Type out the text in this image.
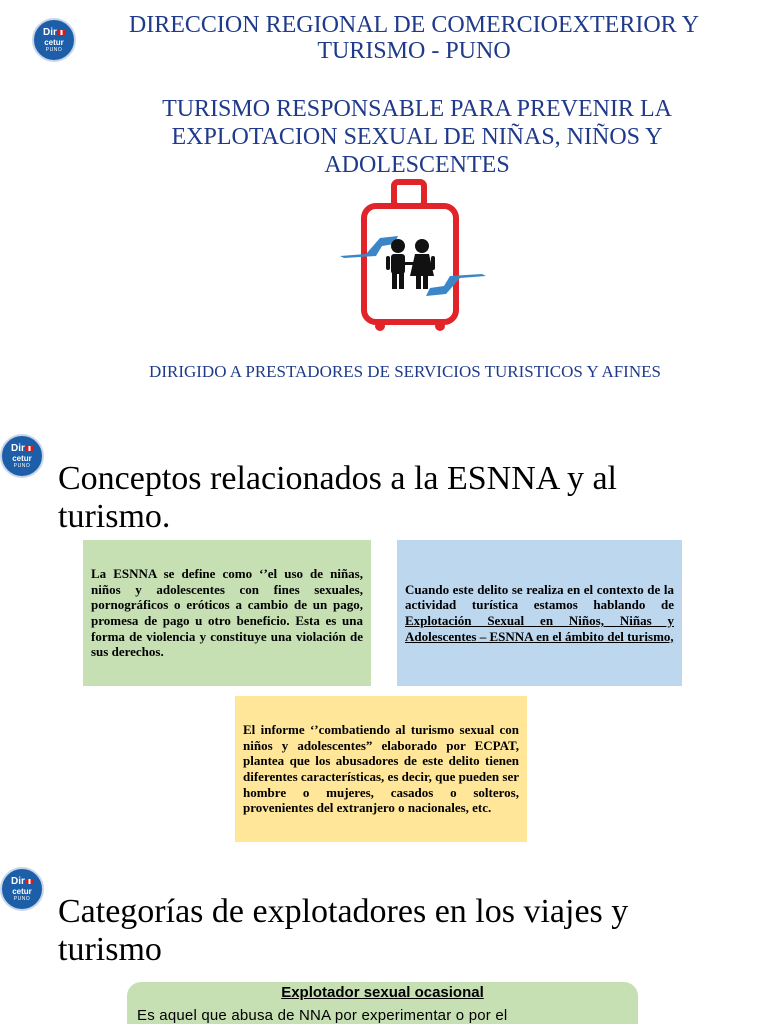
Dir
cetur
PUNO
DIRECCION REGIONAL DE COMERCIOEXTERIOR Y TURISMO - PUNO
TURISMO RESPONSABLE PARA PREVENIR LA EXPLOTACION SEXUAL DE NIÑAS, NIÑOS Y ADOLESCENTES
DIRIGIDO A PRESTADORES DE SERVICIOS TURISTICOS Y AFINES
Dir
cetur
PUNO Conceptos relacionados a la ESNNA y al turismo.

La ESNNA se define como ‘’el uso de niñas, niños y adolescentes con fines sexuales, pornográficos o eróticos a cambio de un pago, promesa de pago u otro beneficio. Esta es una forma de violencia y constituye una violación de sus derechos.

Cuando este delito se realiza en el contexto de la actividad turística estamos hablando de Explotación Sexual en Niños, Niñas y Adolescentes – ESNNA en el ámbito del turismo,

El informe ‘’combatiendo al turismo sexual con niños y adolescentes” elaborado por ECPAT, plantea que los abusadores de este delito tienen diferentes características, es decir, que pueden ser hombre o mujeres, casados o solteros, provenientes del extranjero o nacionales, etc.

Dir
cetur
PUNO Categorías de explotadores en los viajes y turismo
Explotador sexual ocasional
Es aquel que abusa de NNA por experimentar o por el
